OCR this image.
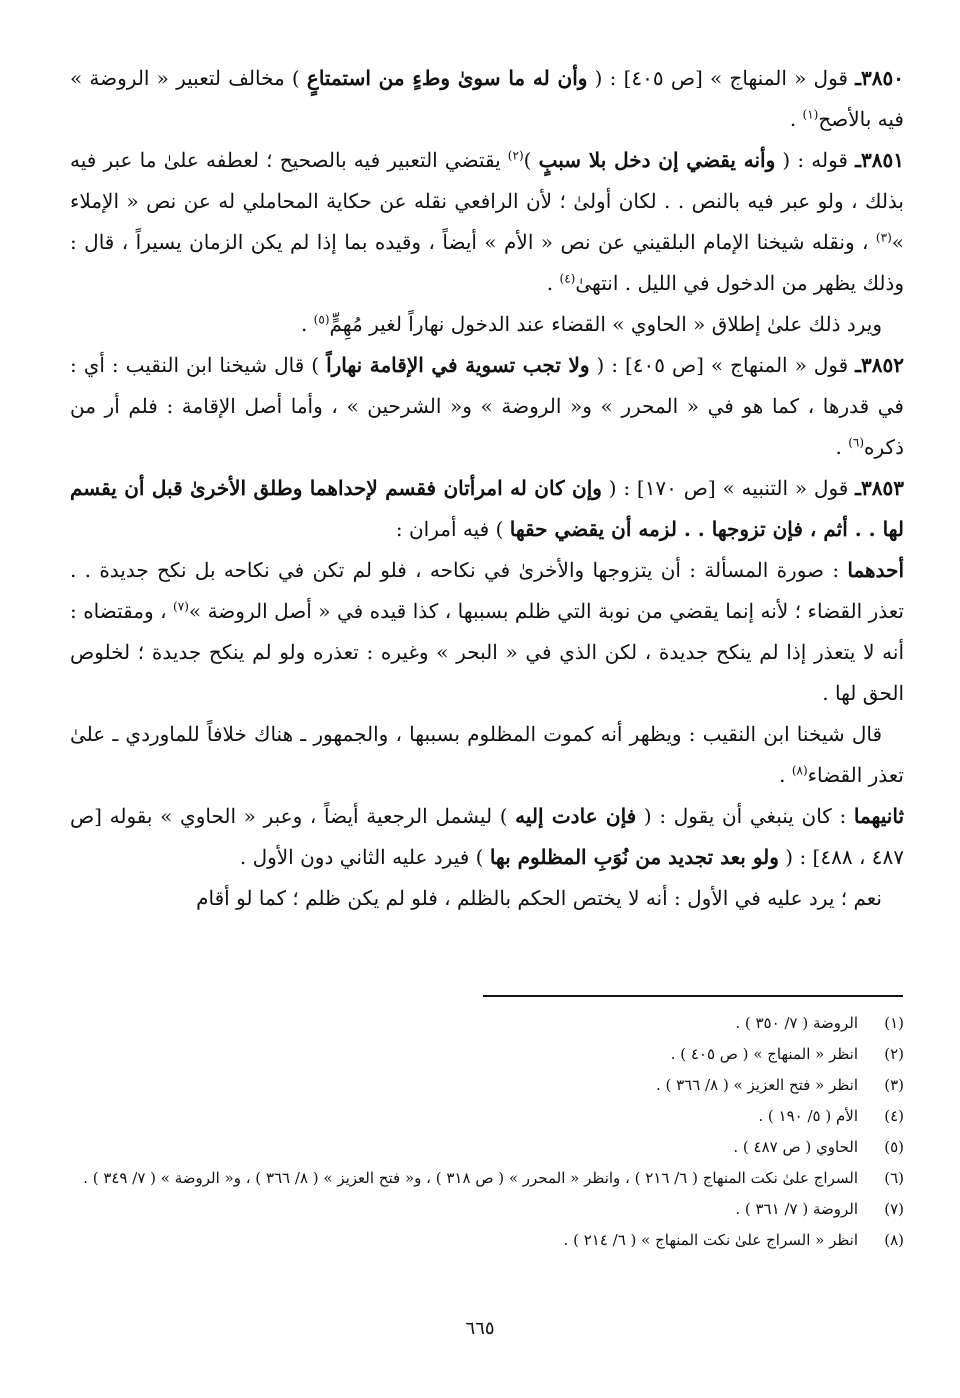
٣٨٥٠ـ قول « المنهاج » [ص ٤٠٥] : ( وأن له ما سوىٰ وطءٍ من استمتاعٍ ) مخالف لتعبير « الروضة » فيه بالأصح$^{(١)}$ .

٣٨٥١ـ قوله : ( وأنه يقضي إن دخل بلا سببٍ )$^{(٢)}$ يقتضي التعبير فيه بالصحيح ؛ لعطفه علىٰ ما عبر فيه بذلك ، ولو عبر فيه بالنص . . لكان أولىٰ ؛ لأن الرافعي نقله عن حكاية المحاملي له عن نص « الإملاء »$^{(٣)}$ ، ونقله شيخنا الإمام البلقيني عن نص « الأم » أيضاً ، وقيده بما إذا لم يكن الزمان يسيراً ، قال : وذلك يظهر من الدخول في الليل . انتهىٰ$^{(٤)}$ .

ويرد ذلك علىٰ إطلاق « الحاوي » القضاء عند الدخول نهاراً لغير مُهِمٍّ$^{(٥)}$ .

٣٨٥٢ـ قول « المنهاج » [ص ٤٠٥] : ( ولا تجب تسوية في الإقامة نهاراً ) قال شيخنا ابن النقيب : أي : في قدرها ، كما هو في « المحرر » و« الروضة » و« الشرحين » ، وأما أصل الإقامة : فلم أر من ذكره$^{(٦)}$ .

٣٨٥٣ـ قول « التنبيه » [ص ١٧٠] : ( وإن كان له امرأتان فقسم لإحداهما وطلق الأخرىٰ قبل أن يقسم لها . . أثم ، فإن تزوجها . . لزمه أن يقضي حقها ) فيه أمران :

أحدهما : صورة المسألة : أن يتزوجها والأخرىٰ في نكاحه ، فلو لم تكن في نكاحه بل نكح جديدة . . تعذر القضاء ؛ لأنه إنما يقضي من نوبة التي ظلم بسببها ، كذا قيده في « أصل الروضة »$^{(٧)}$ ، ومقتضاه : أنه لا يتعذر إذا لم ينكح جديدة ، لكن الذي في « البحر » وغيره : تعذره ولو لم ينكح جديدة ؛ لخلوص الحق لها .

قال شيخنا ابن النقيب : ويظهر أنه كموت المظلوم بسببها ، والجمهور ـ هناك خلافاً للماوردي ـ علىٰ تعذر القضاء$^{(٨)}$ .

ثانيهما : كان ينبغي أن يقول : ( فإن عادت إليه ) ليشمل الرجعية أيضاً ، وعبر « الحاوي » بقوله [ص ٤٨٧ ، ٤٨٨] : ( ولو بعد تجديد من نُوَبِ المظلوم بها ) فيرد عليه الثاني دون الأول .

نعم ؛ يرد عليه في الأول : أنه لا يختص الحكم بالظلم ، فلو لم يكن ظلم ؛ كما لو أقام

(١)
الروضة ( ٧/ ٣٥٠ ) .
(٢)
انظر « المنهاج » ( ص ٤٠٥ ) .
(٣)
انظر « فتح العزيز » ( ٨/ ٣٦٦ ) .
(٤)
الأم ( ٥/ ١٩٠ ) .
(٥)
الحاوي ( ص ٤٨٧ ) .
(٦)
السراج علىٰ نكت المنهاج ( ٦/ ٢١٦ ) ، وانظر « المحرر » ( ص ٣١٨ ) ، و« فتح العزيز » ( ٨/ ٣٦٦ ) ، و« الروضة » ( ٧/ ٣٤٩ ) .
(٧)
الروضة ( ٧/ ٣٦١ ) .
(٨)
انظر « السراج علىٰ نكت المنهاج » ( ٦/ ٢١٤ ) .
٦٦٥
